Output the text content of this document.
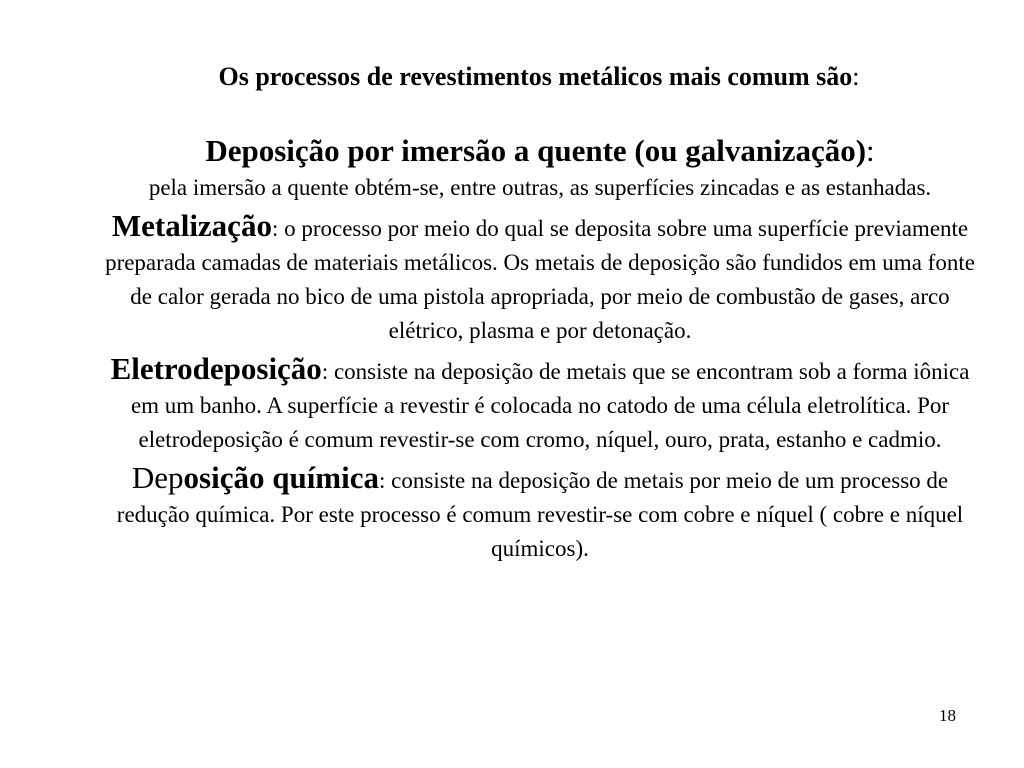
Os processos de revestimentos metálicos mais comum são:
Deposição por imersão a quente (ou galvanização):
pela imersão a quente obtém-se, entre outras, as superfícies zincadas e as estanhadas.
Metalização: o processo por meio do qual se deposita sobre uma superfície previamente preparada camadas de materiais metálicos. Os metais de deposição são fundidos em uma fonte de calor gerada no bico de uma pistola apropriada, por meio de combustão de gases, arco elétrico, plasma e por detonação.
Eletrodeposição: consiste na deposição de metais que se encontram sob a forma iônica em um banho. A superfície a revestir é colocada no catodo de uma célula eletrolítica. Por eletrodeposição é comum revestir-se com cromo, níquel, ouro, prata, estanho e cadmio.
Deposição química: consiste na deposição de metais por meio de um processo de redução química. Por este processo é comum revestir-se com cobre e níquel ( cobre e níquel químicos).
18
